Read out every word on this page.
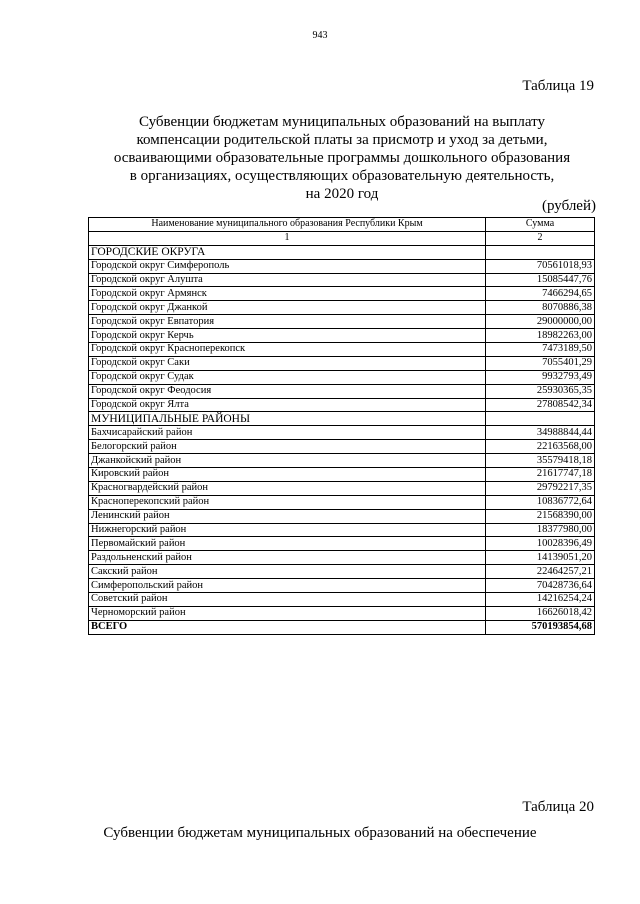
943
Таблица 19
Субвенции бюджетам муниципальных образований на выплату
компенсации родительской платы за присмотр и уход за детьми,
осваивающими образовательные программы дошкольного образования
в организациях, осуществляющих образовательную деятельность,
на 2020 год
(рублей)
Наименование муниципального образования Республики Крым	Сумма
1	2
ГОРОДСКИЕ ОКРУГА	
Городской округ Симферополь	70561018,93
Городской округ Алушта	15085447,76
Городской округ Армянск	7466294,65
Городской округ Джанкой	8070886,38
Городской округ Евпатория	29000000,00
Городской округ Керчь	18982263,00
Городской округ Красноперекопск	7473189,50
Городской округ Саки	7055401,29
Городской округ Судак	9932793,49
Городской округ Феодосия	25930365,35
Городской округ Ялта	27808542,34
МУНИЦИПАЛЬНЫЕ РАЙОНЫ	
Бахчисарайский район	34988844,44
Белогорский район	22163568,00
Джанкойский район	35579418,18
Кировский район	21617747,18
Красногвардейский район	29792217,35
Красноперекопский район	10836772,64
Ленинский район	21568390,00
Нижнегорский район	18377980,00
Первомайский район	10028396,49
Раздольненский район	14139051,20
Сакский район	22464257,21
Симферопольский район	70428736,64
Советский район	14216254,24
Черноморский район	16626018,42
ВСЕГО	570193854,68
Таблица 20
Субвенции бюджетам муниципальных образований на обеспечение
